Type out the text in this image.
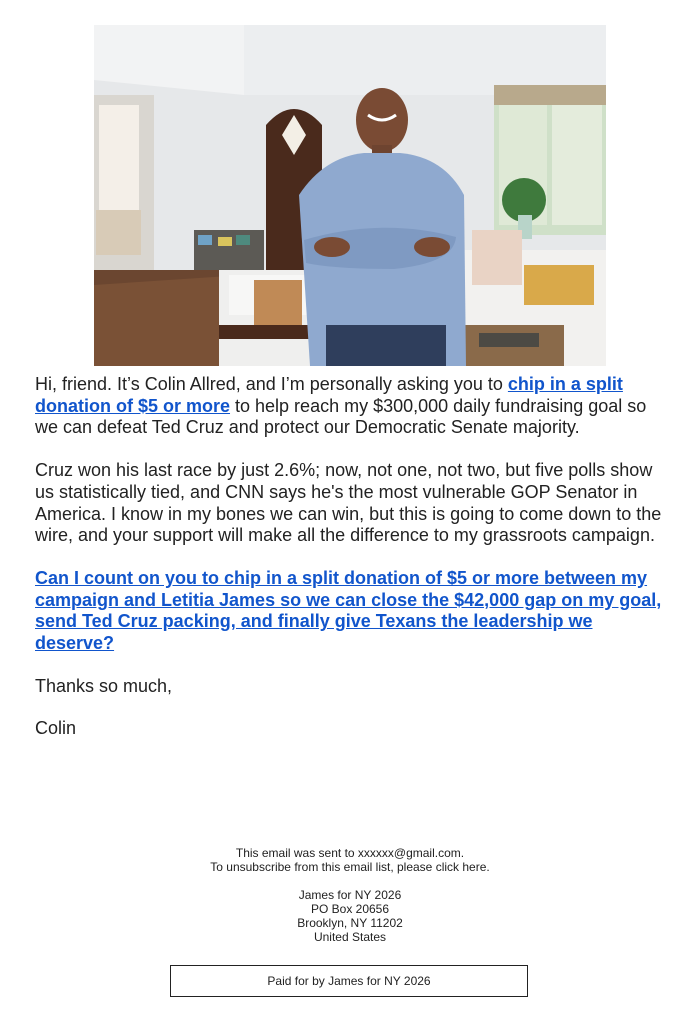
Hi, friend. It’s Colin Allred, and I’m personally asking you to chip in a split donation of $5 or more to help reach my $300,000 daily fundraising goal so we can defeat Ted Cruz and protect our Democratic Senate majority.

Cruz won his last race by just 2.6%; now, not one, not two, but five polls show us statistically tied, and CNN says he's the most vulnerable GOP Senator in America. I know in my bones we can win, but this is going to come down to the wire, and your support will make all the difference to my grassroots campaign.

Can I count on you to chip in a split donation of $5 or more between my campaign and Letitia James so we can close the $42,000 gap on my goal, send Ted Cruz packing, and finally give Texans the leadership we deserve?

Thanks so much,

Colin

This email was sent to xxxxxx@gmail.com.
To unsubscribe from this email list, please click here.
James for NY 2026
PO Box 20656
Brooklyn, NY 11202
United States
Paid for by James for NY 2026
